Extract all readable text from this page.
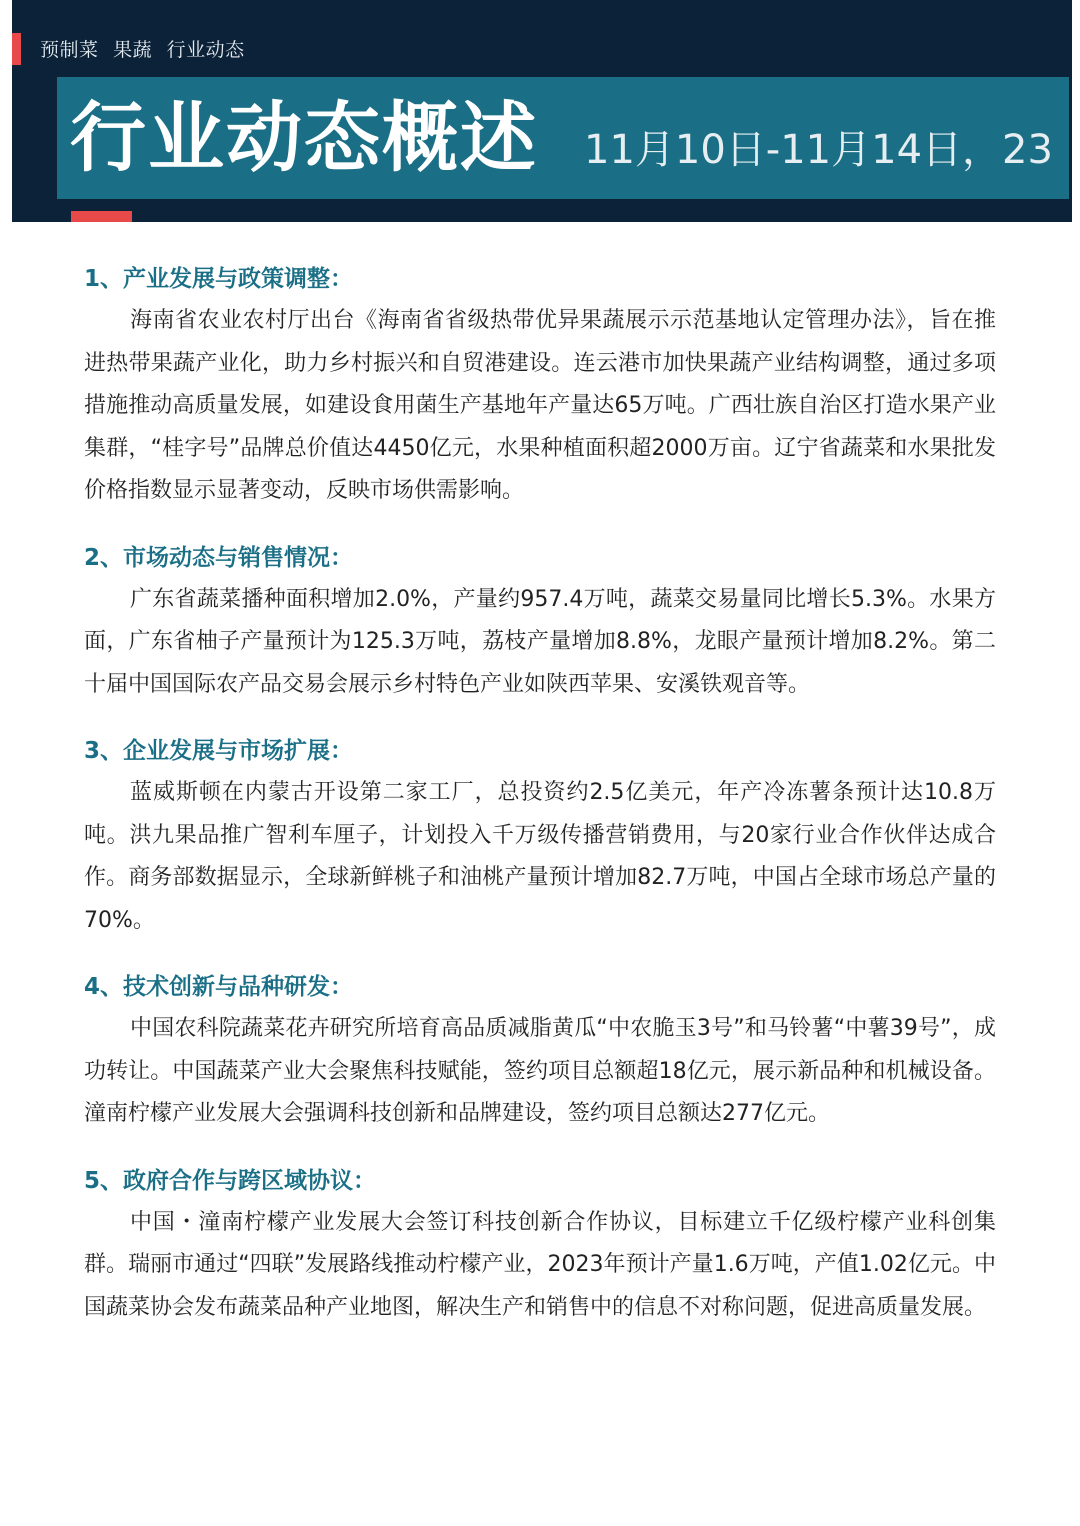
预制菜 果蔬 行业动态
行业动态概述 11月10日-11月14日，23

1、产业发展与政策调整：

海南省农业农村厅出台《海南省省级热带优异果蔬展示示范基地认定管理办法》，旨在推进热带果蔬产业化，助力乡村振兴和自贸港建设。连云港市加快果蔬产业结构调整，通过多项措施推动高质量发展，如建设食用菌生产基地年产量达65万吨。广西壮族自治区打造水果产业集群，“桂字号”品牌总价值达4450亿元，水果种植面积超2000万亩。辽宁省蔬菜和水果批发价格指数显示显著变动，反映市场供需影响。

2、市场动态与销售情况：

广东省蔬菜播种面积增加2.0%，产量约957.4万吨，蔬菜交易量同比增长5.3%。水果方面，广东省柚子产量预计为125.3万吨，荔枝产量增加8.8%，龙眼产量预计增加8.2%。第二十届中国国际农产品交易会展示乡村特色产业如陕西苹果、安溪铁观音等。

3、企业发展与市场扩展：

蓝威斯顿在内蒙古开设第二家工厂，总投资约2.5亿美元，年产冷冻薯条预计达10.8万吨。洪九果品推广智利车厘子，计划投入千万级传播营销费用，与20家行业合作伙伴达成合作。商务部数据显示，全球新鲜桃子和油桃产量预计增加82.7万吨，中国占全球市场总产量的70%。

4、技术创新与品种研发：

中国农科院蔬菜花卉研究所培育高品质减脂黄瓜“中农脆玉3号”和马铃薯“中薯39号”，成功转让。中国蔬菜产业大会聚焦科技赋能，签约项目总额超18亿元，展示新品种和机械设备。潼南柠檬产业发展大会强调科技创新和品牌建设，签约项目总额达277亿元。

5、政府合作与跨区域协议：

中国・潼南柠檬产业发展大会签订科技创新合作协议，目标建立千亿级柠檬产业科创集群。瑞丽市通过“四联”发展路线推动柠檬产业，2023年预计产量1.6万吨，产值1.02亿元。中国蔬菜协会发布蔬菜品种产业地图，解决生产和销售中的信息不对称问题，促进高质量发展。
